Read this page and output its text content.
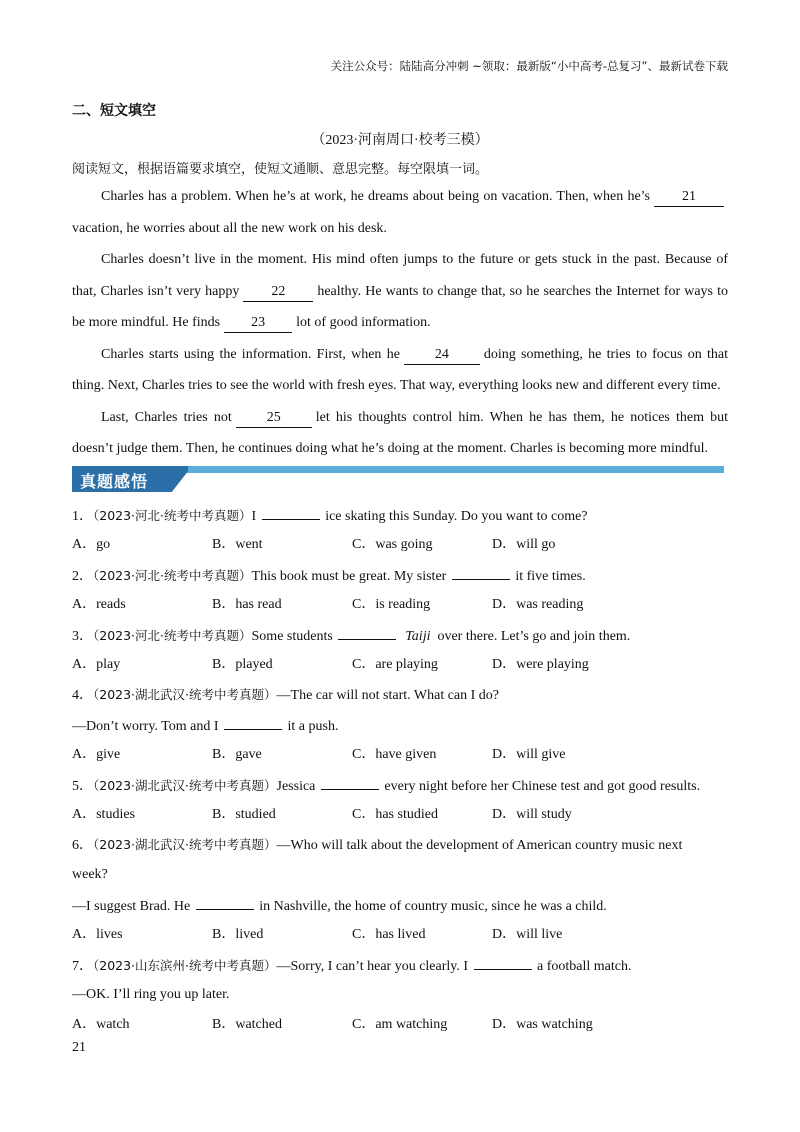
关注公众号：陆陆高分冲刺 ~领取：最新版“小中高考-总复习”、最新试卷下载
二、短文填空
（2023·河南周口·校考三模）
阅读短文，根据语篇要求填空，使短文通顺、意思完整。每空限填一词。

Charles has a problem. When he’s at work, he dreams about being on vacation. Then, when he’s 21vacation, he worries about all the new work on his desk.

Charles doesn’t live in the moment. His mind often jumps to the future or gets stuck in the past. Because of that, Charles isn’t very happy 22 healthy. He wants to change that, so he searches the Internet for ways to be more mindful. He finds 23 lot of good information.

Charles starts using the information. First, when he	24	doing something, he tries to focus on that thing. Next, Charles tries to see the world with fresh eyes. That way, everything looks new and different every time.

Last, Charles tries not	25	let his thoughts control him. When he has them, he notices them but doesn’t judge them. Then, he continues doing what he’s doing at the moment. Charles is becoming more mindful.

真题感悟
1．（2023·河北·统考中考真题）I	ice skating this Sunday. Do you want to come?
A．go	B．went	C．was going	D．will go
2．（2023·河北·统考中考真题）This book must be great. My sister	it five times.
A．reads	B．has read	C．is reading	D．was reading
3．（2023·河北·统考中考真题）Some students	Taiji over there. Let’s go and join them.
A．play	B．played	C．are playing	D．were playing
4．（2023·湖北武汉·统考中考真题）—The car will not start. What can I do?
—Don’t worry. Tom and I	it a push.
A．give	B．gave	C．have given	D．will give
5．（2023·湖北武汉·统考中考真题）Jessica	every night before her Chinese test and got good results.
A．studies	B．studied	C．has studied	D．will study
6．（2023·湖北武汉·统考中考真题）—Who will talk about the development of American country music next
week?
—I suggest Brad. He	in Nashville, the home of country music, since he was a child.
A．lives	B．lived	C．has lived	D．will live
7．（2023·山东滨州·统考中考真题）—Sorry, I can’t hear you clearly. I	a football match.
—OK. I’ll ring you up later.
A．watch	B．watched	C．am watching	D．was watching
21
